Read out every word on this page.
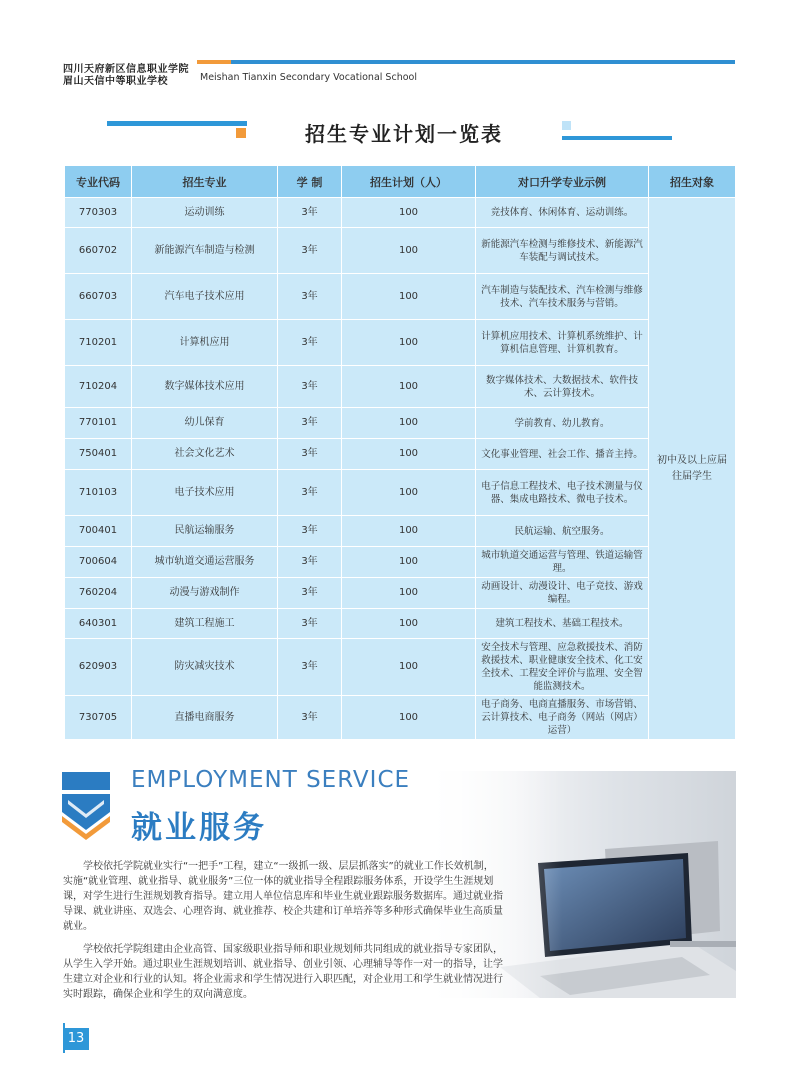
四川天府新区信息职业学院
眉山天信中等职业学校	Meishan Tianxin Secondary Vocational School
招生专业计划一览表
专业代码	招生专业	学 制	招生计划（人）	对口升学专业示例	招生对象
770303	运动训练	3年	100	竞技体育、休闲体育、运动训练。	初中及以上应届往届学生
660702	新能源汽车制造与检测	3年	100	新能源汽车检测与维修技术、新能源汽车装配与调试技术。	
660703	汽车电子技术应用	3年	100	汽车制造与装配技术、汽车检测与维修技术、汽车技术服务与营销。	
710201	计算机应用	3年	100	计算机应用技术、计算机系统维护、计算机信息管理、计算机教育。	
710204	数字媒体技术应用	3年	100	数字媒体技术、大数据技术、软件技术、云计算技术。	
770101	幼儿保育	3年	100	学前教育、幼儿教育。	
750401	社会文化艺术	3年	100	文化事业管理、社会工作、播音主持。	
710103	电子技术应用	3年	100	电子信息工程技术、电子技术测量与仪器、集成电路技术、微电子技术。	
700401	民航运输服务	3年	100	民航运输、航空服务。	
700604	城市轨道交通运营服务	3年	100	城市轨道交通运营与管理、铁道运输管理。	
760204	动漫与游戏制作	3年	100	动画设计、动漫设计、电子竞技、游戏编程。	
640301	建筑工程施工	3年	100	建筑工程技术、基础工程技术。	
620903	防灾减灾技术	3年	100	安全技术与管理、应急救援技术、消防救援技术、职业健康安全技术、化工安全技术、工程安全评价与监理、安全智能监测技术。	
730705	直播电商服务	3年	100	电子商务、电商直播服务、市场营销、云计算技术、电子商务（网站（网店）运营）	
EMPLOYMENT SERVICE
就业服务

学校依托学院就业实行“一把手”工程，建立“一级抓一级、层层抓落实”的就业工作长效机制，实施“就业管理、就业指导、就业服务”三位一体的就业指导全程跟踪服务体系，开设学生生涯规划课，对学生进行生涯规划教育指导。建立用人单位信息库和毕业生就业跟踪服务数据库。通过就业指导课、就业讲座、双选会、心理咨询、就业推荐、校企共建和订单培养等多种形式确保毕业生高质量就业。

学校依托学院组建由企业高管、国家级职业指导师和职业规划师共同组成的就业指导专家团队，从学生入学开始。通过职业生涯规划培训、就业指导、创业引领、心理辅导等作一对一的指导，让学生建立对企业和行业的认知。将企业需求和学生情况进行入职匹配，对企业用工和学生就业情况进行实时跟踪，确保企业和学生的双向满意度。

13
